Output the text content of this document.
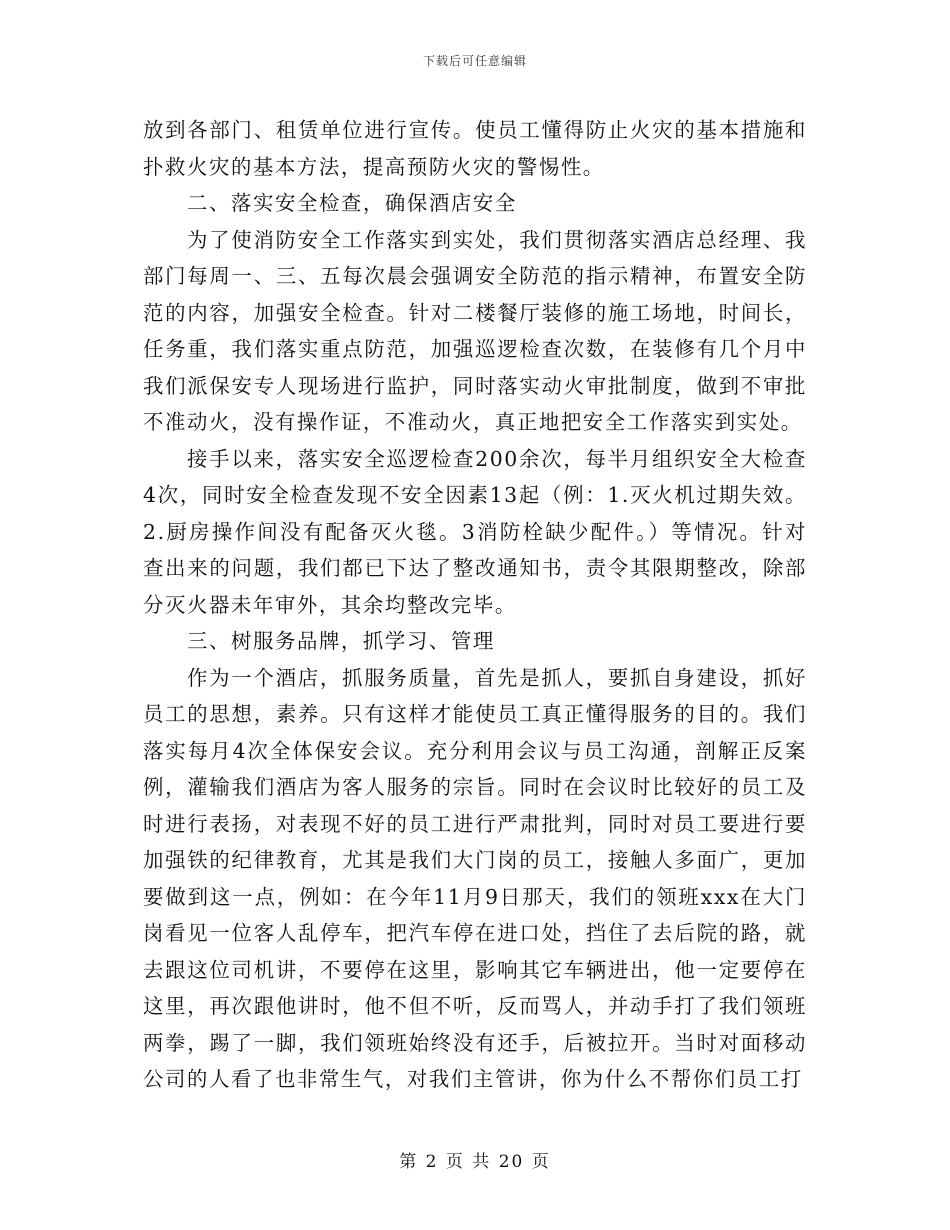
下载后可任意编辑

放到各部门、租赁单位进行宣传。使员工懂得防止火灾的基本措施和扑救火灾的基本方法，提高预防火灾的警惕性。

二、落实安全检查，确保酒店安全

为了使消防安全工作落实到实处，我们贯彻落实酒店总经理、我部门每周一、三、五每次晨会强调安全防范的指示精神，布置安全防范的内容，加强安全检查。针对二楼餐厅装修的施工场地，时间长，任务重，我们落实重点防范，加强巡逻检查次数，在装修有几个月中我们派保安专人现场进行监护，同时落实动火审批制度，做到不审批不准动火，没有操作证，不准动火，真正地把安全工作落实到实处。

接手以来，落实安全巡逻检查200余次，每半月组织安全大检查4次，同时安全检查发现不安全因素13起（例：1.灭火机过期失效。2.厨房操作间没有配备灭火毯。3消防栓缺少配件。）等情况。针对查出来的问题，我们都已下达了整改通知书，责令其限期整改，除部分灭火器未年审外，其余均整改完毕。

三、树服务品牌，抓学习、管理

作为一个酒店，抓服务质量，首先是抓人，要抓自身建设，抓好员工的思想，素养。只有这样才能使员工真正懂得服务的目的。我们落实每月4次全体保安会议。充分利用会议与员工沟通，剖解正反案例，灌输我们酒店为客人服务的宗旨。同时在会议时比较好的员工及时进行表扬，对表现不好的员工进行严肃批判，同时对员工要进行要加强铁的纪律教育，尤其是我们大门岗的员工，接触人多面广，更加要做到这一点，例如：在今年11月9日那天，我们的领班xxx在大门岗看见一位客人乱停车，把汽车停在进口处，挡住了去后院的路，就去跟这位司机讲，不要停在这里，影响其它车辆进出，他一定要停在这里，再次跟他讲时，他不但不听，反而骂人，并动手打了我们领班两拳，踢了一脚，我们领班始终没有还手，后被拉开。当时对面移动公司的人看了也非常生气，对我们主管讲，你为什么不帮你们员工打

第 2 页 共 20 页
